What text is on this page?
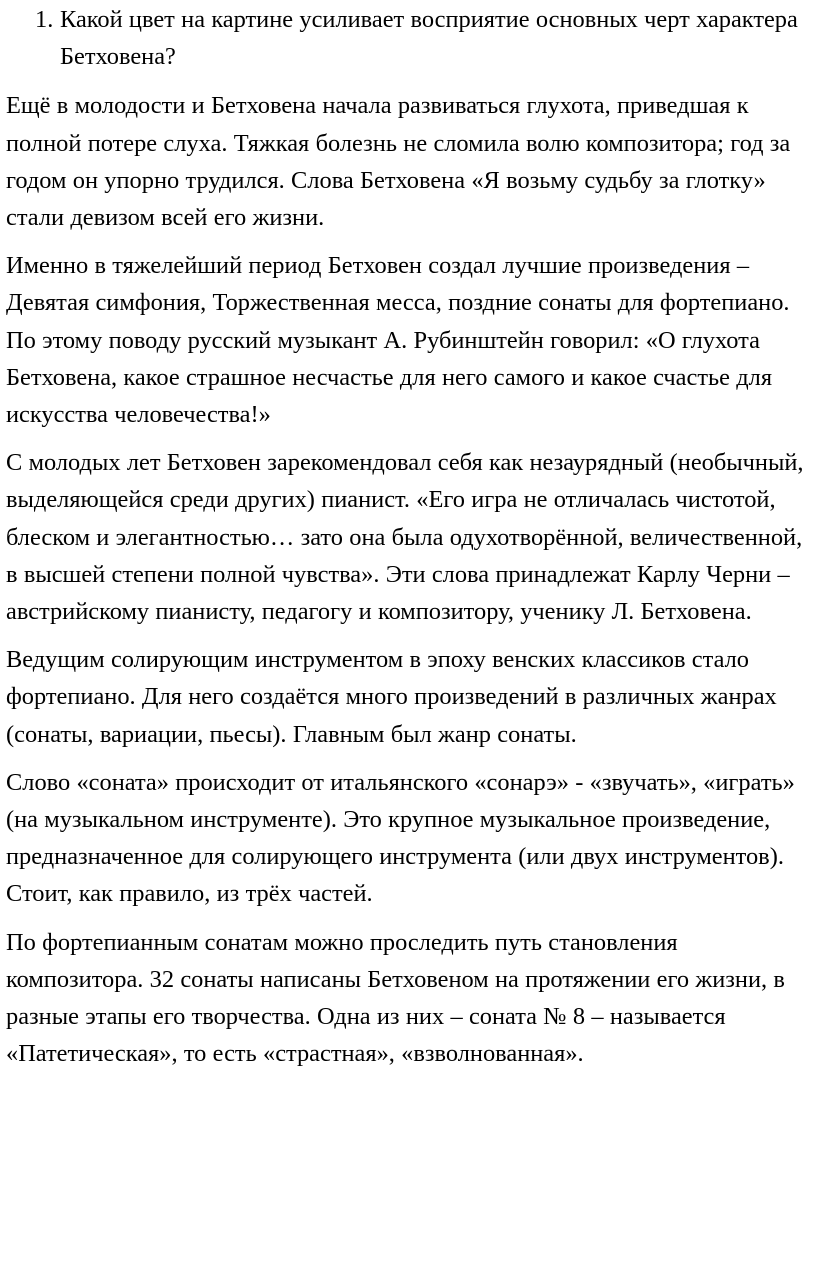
1. Какой цвет на картине усиливает восприятие основных черт характера Бетховена?

Ещё в молодости и Бетховена начала развиваться глухота, приведшая к полной потере слуха. Тяжкая болезнь не сломила волю композитора; год за годом он упорно трудился. Слова Бетховена «Я возьму судьбу за глотку» стали девизом всей его жизни.

Именно в тяжелейший период Бетховен создал лучшие произведения – Девятая симфония, Торжественная месса, поздние сонаты для фортепиано. По этому поводу русский музыкант А. Рубинштейн говорил: «О глухота Бетховена, какое страшное несчастье для него самого и какое счастье для искусства человечества!»

С молодых лет Бетховен зарекомендовал себя как незаурядный (необычный, выделяющейся среди других) пианист. «Его игра не отличалась чистотой, блеском и элегантностью… зато она была одухотворённой, величественной, в высшей степени полной чувства». Эти слова принадлежат Карлу Черни – австрийскому пианисту, педагогу и композитору, ученику Л. Бетховена.

Ведущим солирующим инструментом в эпоху венских классиков стало фортепиано. Для него создаётся много произведений в различных жанрах (сонаты, вариации, пьесы). Главным был жанр сонаты.

Слово «соната» происходит от итальянского «сонарэ» - «звучать», «играть» (на музыкальном инструменте). Это крупное музыкальное произведение, предназначенное для солирующего инструмента (или двух инструментов). Стоит, как правило, из трёх частей.

По фортепианным сонатам можно проследить путь становления композитора. 32 сонаты написаны Бетховеном на протяжении его жизни, в разные этапы его творчества. Одна из них – соната № 8 – называется «Патетическая», то есть «страстная», «взволнованная».
